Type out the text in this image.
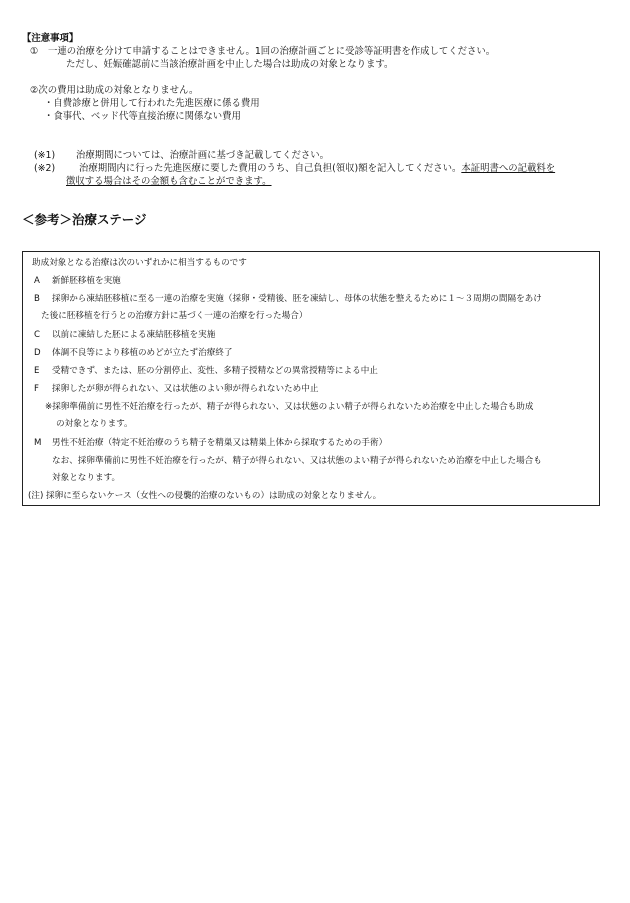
【注意事項】
① 一連の治療を分けて申請することはできません。1回の治療計画ごとに受診等証明書を作成してください。
ただし、妊娠確認前に当該治療計画を中止した場合は助成の対象となります。
②次の費用は助成の対象となりません。
・自費診療と併用して行われた先進医療に係る費用
・食事代、ベッド代等直接治療に関係ない費用
(※1) 治療期間については、治療計画に基づき記載してください。
(※2)	治療期間内に行った先進医療に要した費用のうち、自己負担(領収)額を記入してください。本証明書への記載料を
徴収する場合はその金額も含むことができます。
＜参考＞治療ステージ
助成対象となる治療は次のいずれかに相当するものです
A 新鮮胚移植を実施
B 採卵から凍結胚移植に至る一連の治療を実施（採卵・受精後、胚を凍結し、母体の状態を整えるために１～３周期の間隔をあけ
た後に胚移植を行うとの治療方針に基づく一連の治療を行った場合）
C 以前に凍結した胚による凍結胚移植を実施
D 体調不良等により移植のめどが立たず治療終了
E 受精できず、または、胚の分割停止、変性、多精子授精などの異常授精等による中止
F 採卵したが卵が得られない、又は状態のよい卵が得られないため中止
※採卵準備前に男性不妊治療を行ったが、精子が得られない、又は状態のよい精子が得られないため治療を中止した場合も助成
の対象となります。
M 男性不妊治療（特定不妊治療のうち精子を精巣又は精巣上体から採取するための手術）
なお、採卵準備前に男性不妊治療を行ったが、精子が得られない、又は状態のよい精子が得られないため治療を中止した場合も
対象となります。
(注) 採卵に至らないケース（女性への侵襲的治療のないもの）は助成の対象となりません。
